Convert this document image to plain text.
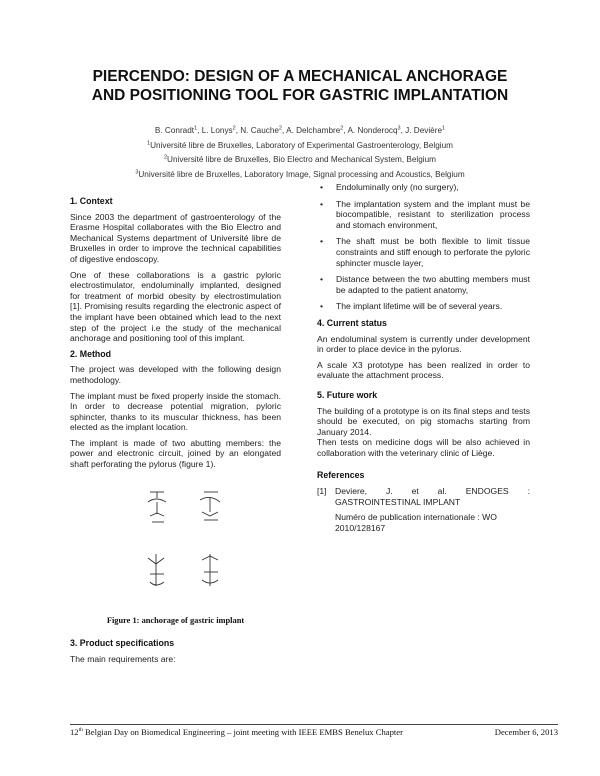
PIERCENDO: DESIGN OF A MECHANICAL ANCHORAGE
AND POSITIONING TOOL FOR GASTRIC IMPLANTATION
B. Conradt$^1$, L. Lonys$^2$, N. Cauche$^2$, A. Delchambre$^2$, A. Nonderocq$^3$, J. Devière$^1$
$^1$Université libre de Bruxelles, Laboratory of Experimental Gastroenterology, Belgium
$^2$Université libre de Bruxelles, Bio Electro and Mechanical System, Belgium
$^3$Université libre de Bruxelles, Laboratory Image, Signal processing and Acoustics, Belgium
1. Context

Since 2003 the department of gastroenterology of the Erasme Hospital collaborates with the Bio Electro and Mechanical Systems department of Université libre de Bruxelles in order to improve the technical capabilities of digestive endoscopy.

One of these collaborations is a gastric pyloric electrostimulator, endoluminally implanted, designed for treatment of morbid obesity by electrostimulation [1]. Promising results regarding the electronic aspect of the implant have been obtained which lead to the next step of the project i.e the study of the mechanical anchorage and positioning tool of this implant.

2. Method

The project was developed with the following design methodology.

The implant must be fixed properly inside the stomach. In order to decrease potential migration, pyloric sphincter, thanks to its muscular thickness, has been elected as the implant location.

The implant is made of two abutting members: the power and electronic circuit, joined by an elongated shaft perforating the pylorus (figure 1).

Figure 1: anchorage of gastric implant
3. Product specifications

The main requirements are:

• Endoluminally only (no surgery),
• The implantation system and the implant must be biocompatible, resistant to sterilization process and stomach environment,
• The shaft must be both flexible to limit tissue constraints and stiff enough to perforate the pyloric sphincter muscle layer,
• Distance between the two abutting members must be adapted to the patient anatomy,
• The implant lifetime will be of several years.
4. Current status

An endoluminal system is currently under development in order to place device in the pylorus.

A scale X3 prototype has been realized in order to evaluate the attachment process.

5. Future work

The building of a prototype is on its final steps and tests should be executed, on pig stomachs starting from January 2014.

Then tests on medicine dogs will be also achieved in collaboration with the veterinary clinic of Liège.

References
[1] Deviere, J. et al. ENDOGES : GASTROINTESTINAL IMPLANT

Numéro de publication internationale : WO 2010/128167

12th Belgian Day on Biomedical Engineering – joint meeting with IEEE EMBS Benelux Chapter	December 6, 2013
